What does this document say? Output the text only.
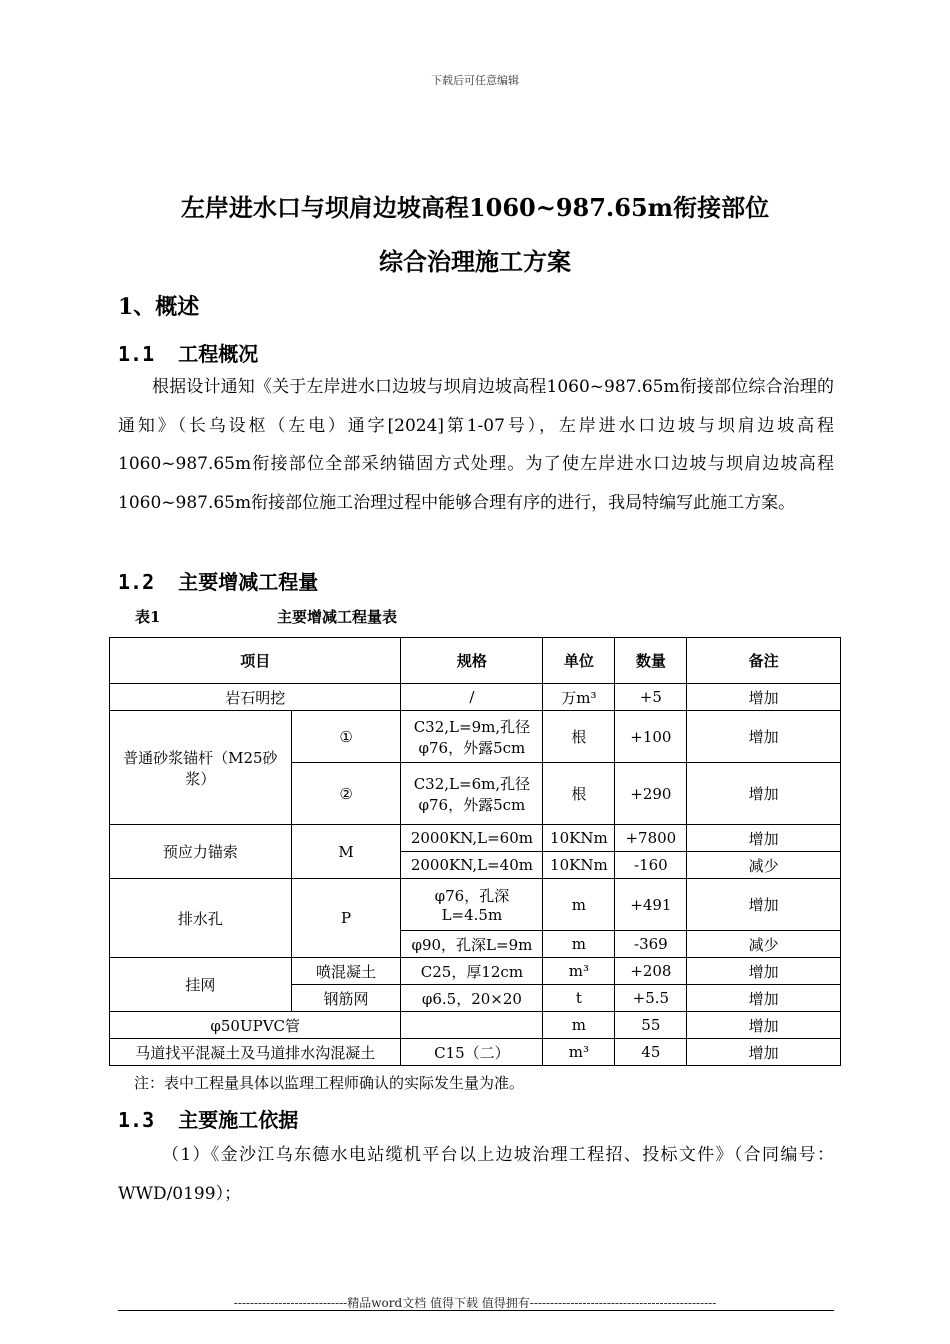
下载后可任意编辑
左岸进水口与坝肩边坡高程1060~987.65m衔接部位
综合治理施工方案
1、概述
1.1 工程概况
根据设计通知《关于左岸进水口边坡与坝肩边坡高程1060~987.65m衔接部位综合治理的通知》（长乌设枢（左电）通字[2024]第1-07号），左岸进水口边坡与坝肩边坡高程1060~987.65m衔接部位全部采纳锚固方式处理。为了使左岸进水口边坡与坝肩边坡高程1060~987.65m衔接部位施工治理过程中能够合理有序的进行，我局特编写此施工方案。
1.2 主要增减工程量
表1	主要增减工程量表
项目		规格	单位	数量	备注
岩石明挖		/	万m³	+5	增加
普通砂浆锚杆（M25砂浆）	①	C32,L=9m,孔径φ76，外露5cm	根	+100	增加
	②	C32,L=6m,孔径φ76，外露5cm	根	+290	增加
预应力锚索	M	2000KN,L=60m	10KNm	+7800	增加
		2000KN,L=40m	10KNm	-160	减少
排水孔	P	φ76，孔深L=4.5m	m	+491	增加
		φ90，孔深L=9m	m	-369	减少
挂网	喷混凝土	C25，厚12cm	m³	+208	增加
	钢筋网	φ6.5，20×20	t	+5.5	增加
φ50UPVC管			m	55	增加
马道找平混凝土及马道排水沟混凝土		C15（二）	m³	45	增加
注：表中工程量具体以监理工程师确认的实际发生量为准。
1.3 主要施工依据
（1）《金沙江乌东德水电站缆机平台以上边坡治理工程招、投标文件》（合同编号：WWD/0199）；
----------------------------精品word文档 值得下载 值得拥有----------------------------------------------
